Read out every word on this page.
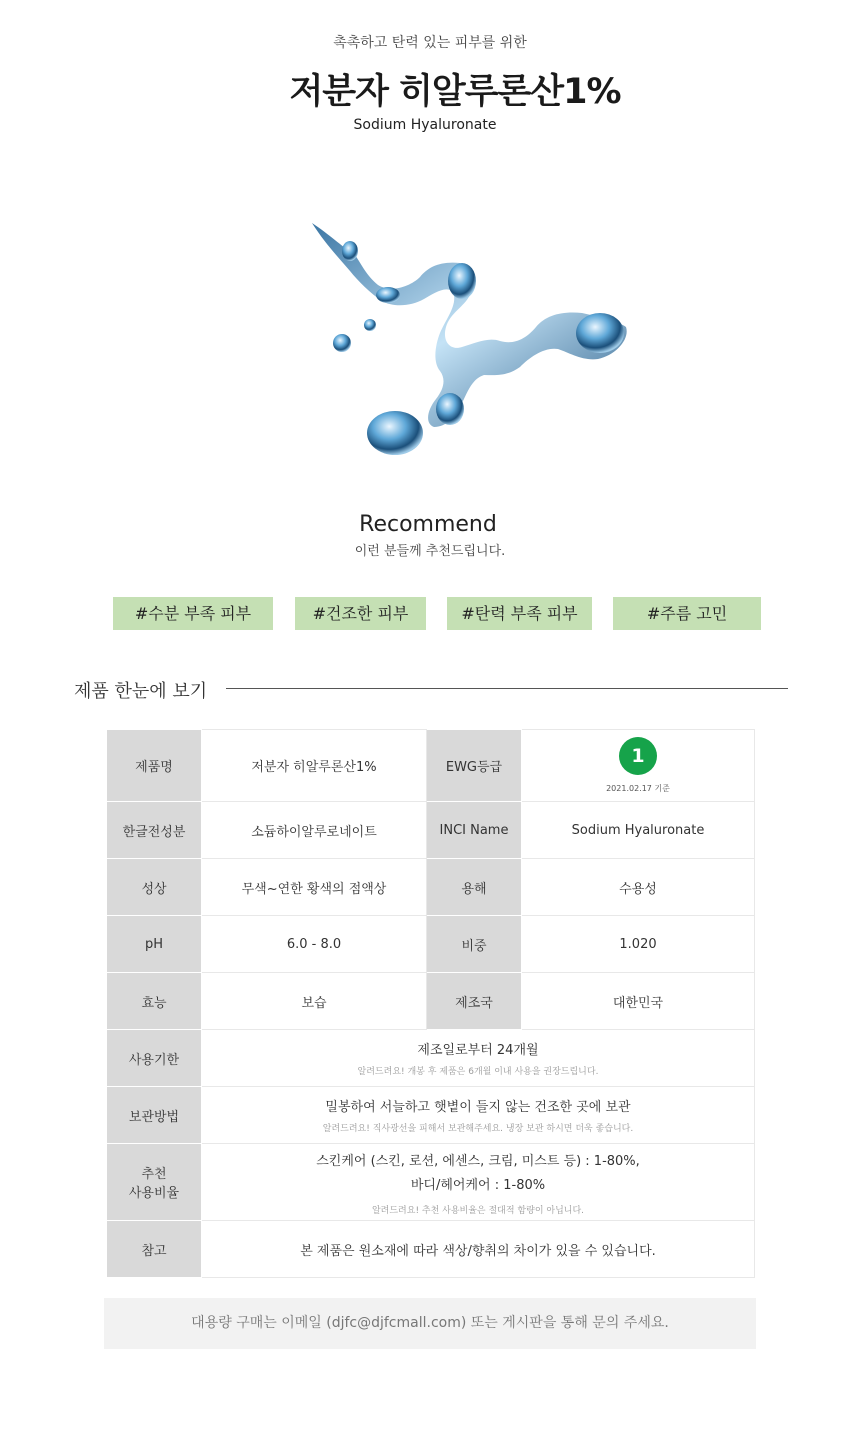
촉촉하고 탄력 있는 피부를 위한
저분자 히알루론산1%
Sodium Hyaluronate
Recommend
이런 분들께 추천드립니다.
#수분 부족 피부	#건조한 피부	#탄력 부족 피부	#주름 고민
제품 한눈에 보기
제품명	저분자 히알루론산1%	EWG등급	1
2021.02.17 기준

한글전성분	소듐하이알루로네이트	INCI Name	Sodium Hyaluronate
성상	무색~연한 황색의 점액상	용해	수용성
pH	6.0 - 8.0	비중	1.020
효능	보습	제조국	대한민국
사용기한	제조일로부터 24개월
알려드려요! 개봉 후 제품은 6개월 이내 사용을 권장드립니다.		

보관방법	밀봉하여 서늘하고 햇볕이 들지 않는 건조한 곳에 보관
알려드려요! 직사광선을 피해서 보관해주세요. 냉장 보관 하시면 더욱 좋습니다.		

추천
사용비율	스킨케어 (스킨, 로션, 에센스, 크림, 미스트 등) : 1-80%,
바디/헤어케어 : 1-80%
알려드려요! 추천 사용비율은 절대적 함량이 아닙니다.		

참고	본 제품은 원소재에 따라 색상/향취의 차이가 있을 수 있습니다.		
대용량 구매는 이메일 (djfc@djfcmall.com) 또는 게시판을 통해 문의 주세요.
